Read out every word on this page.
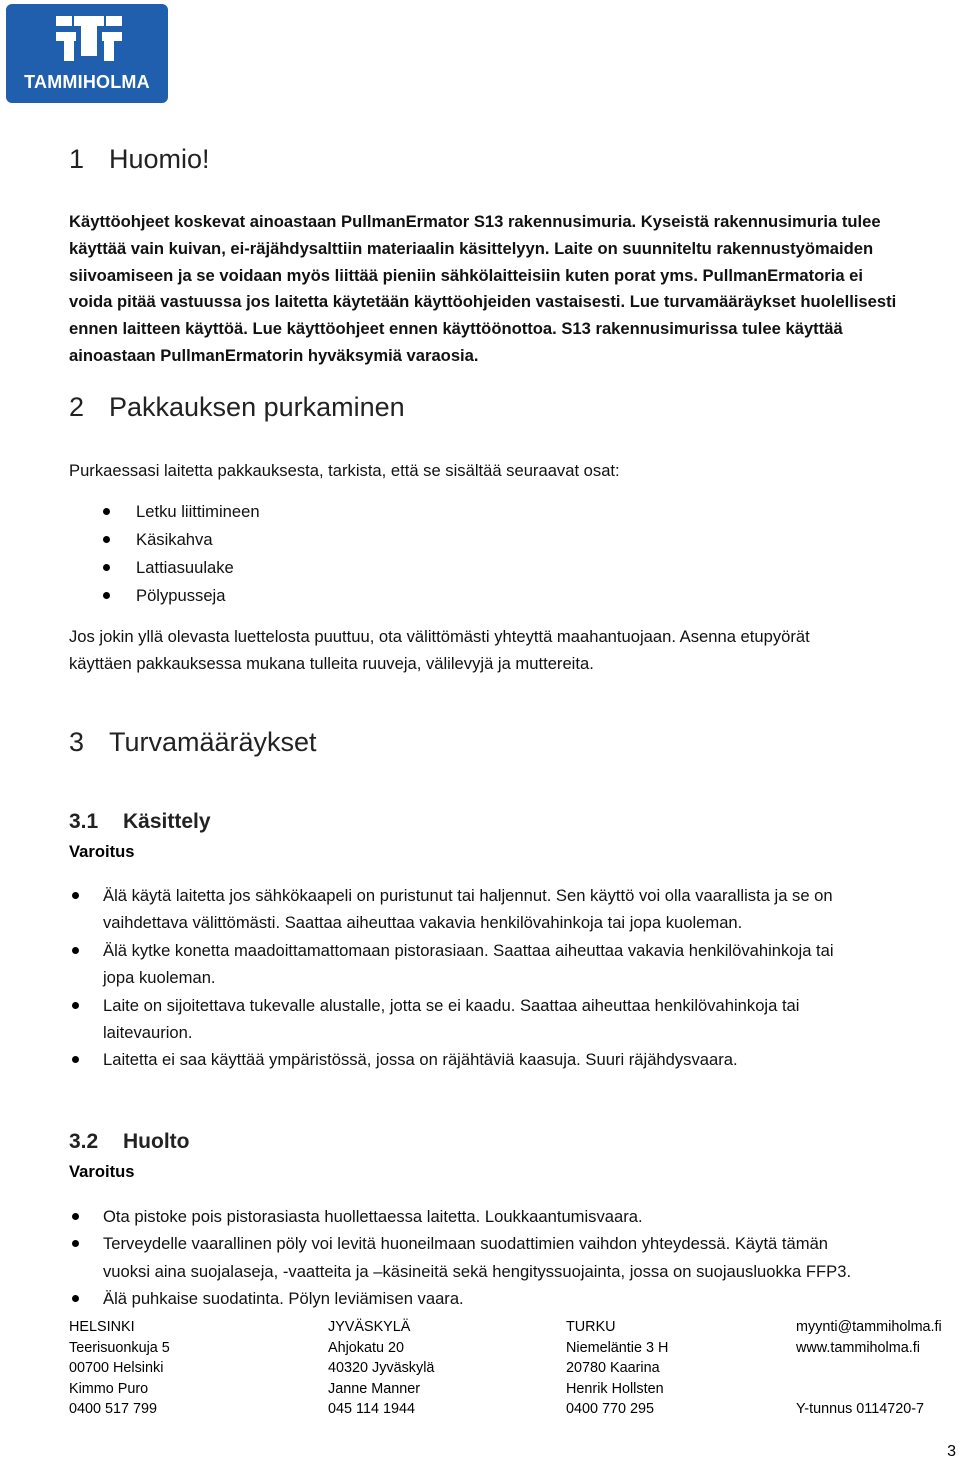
TAMMIHOLMA
1 Huomio!
Käyttöohjeet koskevat ainoastaan PullmanErmator S13 rakennusimuria. Kyseistä rakennusimuria tulee
käyttää vain kuivan, ei-räjähdysalttiin materiaalin käsittelyyn. Laite on suunniteltu rakennustyömaiden
siivoamiseen ja se voidaan myös liittää pieniin sähkölaitteisiin kuten porat yms. PullmanErmatoria ei
voida pitää vastuussa jos laitetta käytetään käyttöohjeiden vastaisesti. Lue turvamääräykset huolellisesti
ennen laitteen käyttöä. Lue käyttöohjeet ennen käyttöönottoa. S13 rakennusimurissa tulee käyttää
ainoastaan PullmanErmatorin hyväksymiä varaosia.
2 Pakkauksen purkaminen

Purkaessasi laitetta pakkauksesta, tarkista, että se sisältää seuraavat osat:

Letku liittimineen
Käsikahva
Lattiasuulake
Pölypusseja
Jos jokin yllä olevasta luettelosta puuttuu, ota välittömästi yhteyttä maahantuojaan. Asenna etupyörät
käyttäen pakkauksessa mukana tulleita ruuveja, välilevyjä ja muttereita.
3 Turvamääräykset
3.1 Käsittely

Varoitus

Älä käytä laitetta jos sähkökaapeli on puristunut tai haljennut. Sen käyttö voi olla vaarallista ja se on
vaihdettava välittömästi. Saattaa aiheuttaa vakavia henkilövahinkoja tai jopa kuoleman.
Älä kytke konetta maadoittamattomaan pistorasiaan. Saattaa aiheuttaa vakavia henkilövahinkoja tai
jopa kuoleman.
Laite on sijoitettava tukevalle alustalle, jotta se ei kaadu. Saattaa aiheuttaa henkilövahinkoja tai
laitevaurion.
Laitetta ei saa käyttää ympäristössä, jossa on räjähtäviä kaasuja. Suuri räjähdysvaara.
3.2 Huolto

Varoitus

Ota pistoke pois pistorasiasta huollettaessa laitetta. Loukkaantumisvaara.
Terveydelle vaarallinen pöly voi levitä huoneilmaan suodattimien vaihdon yhteydessä. Käytä tämän
vuoksi aina suojalaseja, -vaatteita ja –käsineitä sekä hengityssuojainta, jossa on suojausluokka FFP3.
Älä puhkaise suodatinta. Pölyn leviämisen vaara.
HELSINKI
Teerisuonkuja 5
00700 Helsinki
Kimmo Puro
0400 517 799
JYVÄSKYLÄ
Ahjokatu 20
40320 Jyväskylä
Janne Manner
045 114 1944
TURKU
Niemeläntie 3 H
20780 Kaarina
Henrik Hollsten
0400 770 295
myynti@tammiholma.fi
www.tammiholma.fi
Y-tunnus 0114720-7
3
